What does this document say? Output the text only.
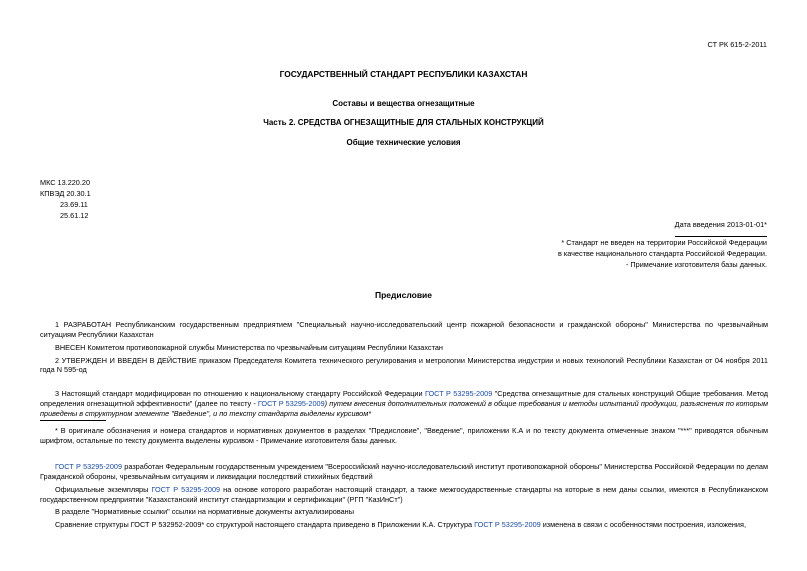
СТ РК 615-2-2011
ГОСУДАРСТВЕННЫЙ СТАНДАРТ РЕСПУБЛИКИ КАЗАХСТАН
Составы и вещества огнезащитные
Часть 2. СРЕДСТВА ОГНЕЗАЩИТНЫЕ ДЛЯ СТАЛЬНЫХ КОНСТРУКЦИЙ
Общие технические условия
МКС 13.220.20
КПВЭД 20.30.1
23.69.11
25.61.12
Дата введения 2013-01-01*
* Стандарт не введен на территории Российской Федерации
в качестве национального стандарта Российской Федерации.
- Примечание изготовителя базы данных.
Предисловие
1 РАЗРАБОТАН Республиканским государственным предприятием "Специальный научно-исследовательский центр пожарной безопасности и гражданской обороны" Министерства по чрезвычайным ситуациям Республики Казахстан
ВНЕСЕН Комитетом противопожарной службы Министерства по чрезвычайным ситуациям Республики Казахстан
2 УТВЕРЖДЕН И ВВЕДЕН В ДЕЙСТВИЕ приказом Председателя Комитета технического регулирования и метрологии Министерства индустрии и новых технологий Республики Казахстан от 04 ноября 2011 года N 595-од
3 Настоящий стандарт модифицирован по отношению к национальному стандарту Российской Федерации ГОСТ Р 53295-2009 "Средства огнезащитные для стальных конструкций Общие требования. Метод определения огнезащитной эффективности" (далее по тексту - ГОСТ Р 53295-2009) путем внесения дополнительных положений в общие требования и методы испытаний продукции, разъяснения по которым приведены в структурном элементе "Введение", и по тексту стандарта выделены курсивом*
* В оригинале обозначения и номера стандартов и нормативных документов в разделах "Предисловие", "Введение", приложении К.А и по тексту документа отмеченные знаком "***" приводятся обычным шрифтом, остальные по тексту документа выделены курсивом - Примечание изготовителя базы данных.
ГОСТ Р 53295-2009 разработан Федеральным государственным учреждением "Всероссийский научно-исследовательский институт противопожарной обороны" Министерства Российской Федерации по делам Гражданской обороны, чрезвычайным ситуациям и ликвидации последствий стихийных бедствий
Официальные экземпляры ГОСТ Р 53295-2009 на основе которого разработан настоящий стандарт, а также межгосударственные стандарты на которые в нем даны ссылки, имеются в Республиканском государственном предприятии "Казахстанский институт стандартизации и сертификации" (РГП "КазИнСт")
В разделе "Нормативные ссылки" ссылки на нормативные документы актуализированы
Сравнение структуры ГОСТ Р 532952-2009* со структурой настоящего стандарта приведено в Приложении К.А. Структура ГОСТ Р 53295-2009 изменена в связи с особенностями построения, изложения,
